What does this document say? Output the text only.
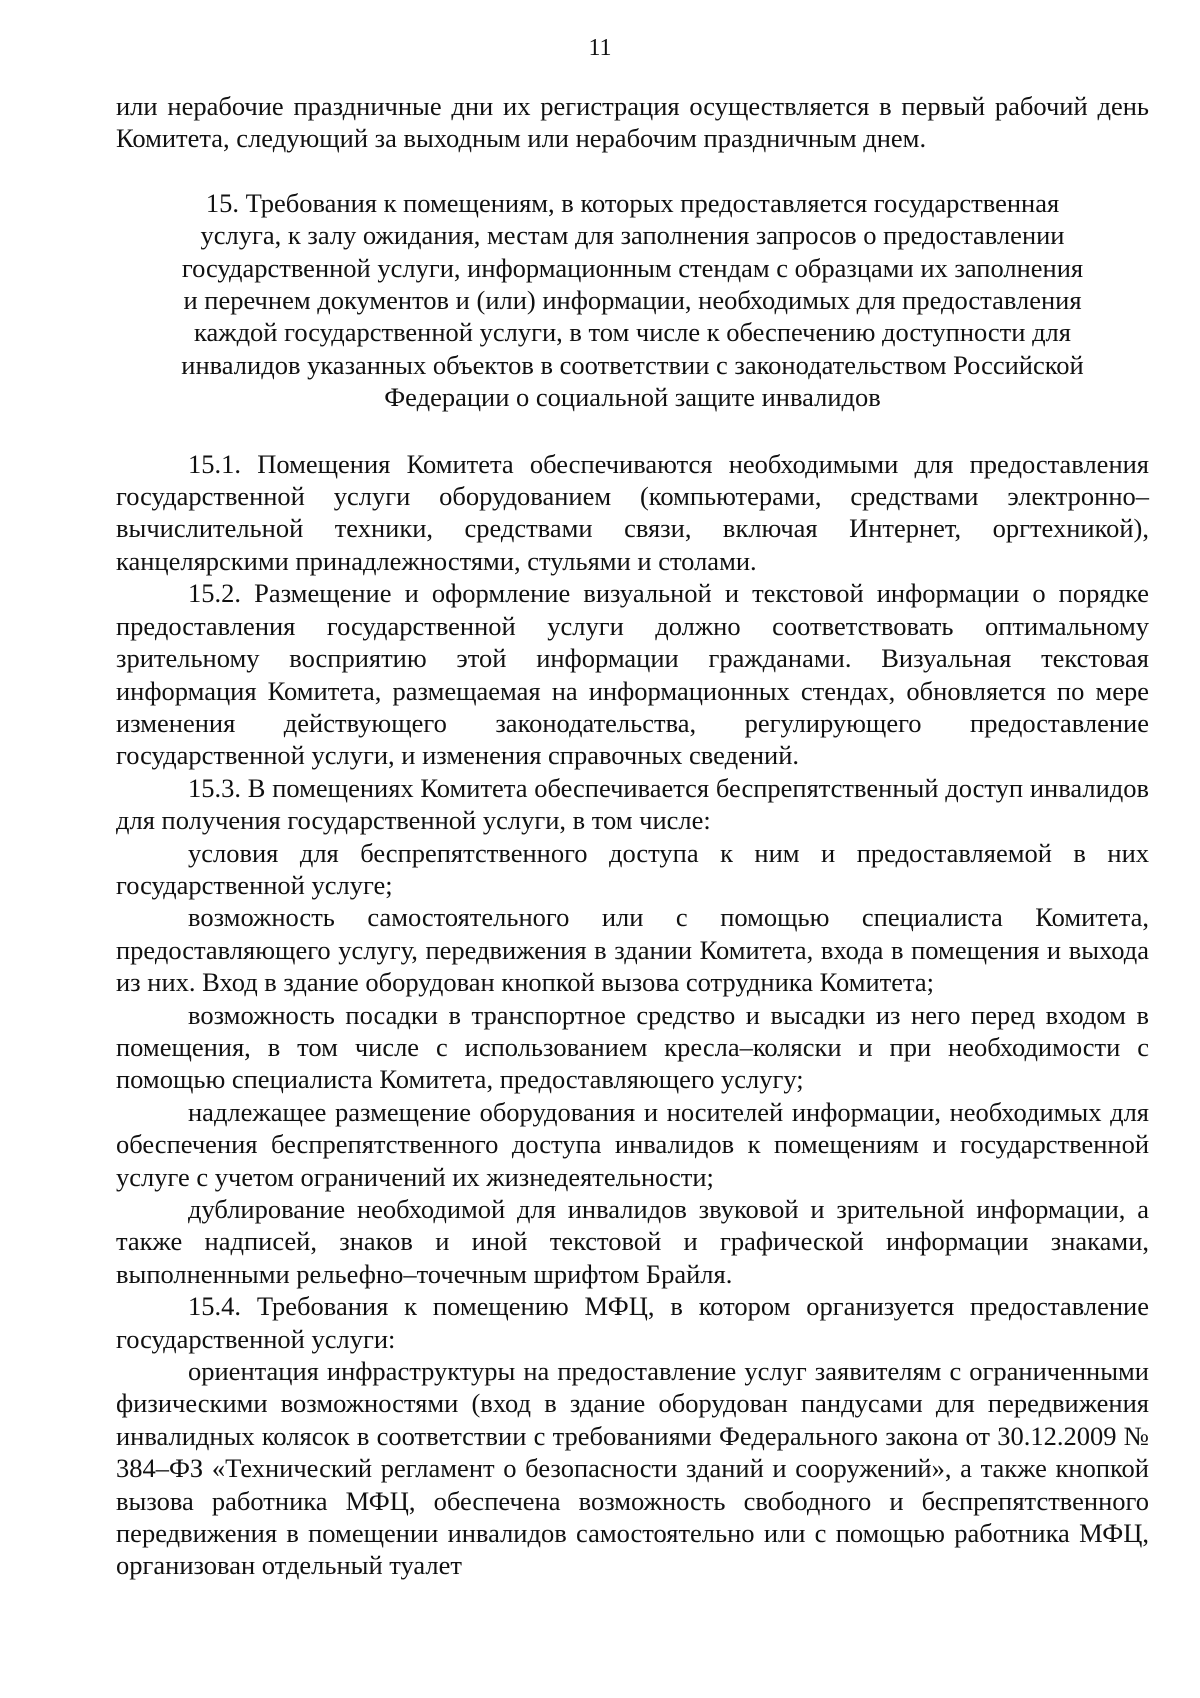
11

или нерабочие праздничные дни их регистрация осуществляется в первый рабочий день Комитета, следующий за выходным или нерабочим праздничным днем.

15. Требования к помещениям, в которых предоставляется государственная
услуга, к залу ожидания, местам для заполнения запросов о предоставлении
государственной услуги, информационным стендам с образцами их заполнения
и перечнем документов и (или) информации, необходимых для предоставления
каждой государственной услуги, в том числе к обеспечению доступности для
инвалидов указанных объектов в соответствии с законодательством Российской
Федерации о социальной защите инвалидов

15.1. Помещения Комитета обеспечиваются необходимыми для предоставления государственной услуги оборудованием (компьютерами, средствами электронно–вычислительной техники, средствами связи, включая Интернет, оргтехникой), канцелярскими принадлежностями, стульями и столами.

15.2. Размещение и оформление визуальной и текстовой информации о порядке предоставления государственной услуги должно соответствовать оптимальному зрительному восприятию этой информации гражданами. Визуальная текстовая информация Комитета, размещаемая на информационных стендах, обновляется по мере изменения действующего законодательства, регулирующего предоставление государственной услуги, и изменения справочных сведений.

15.3. В помещениях Комитета обеспечивается беспрепятственный доступ инвалидов для получения государственной услуги, в том числе:

условия для беспрепятственного доступа к ним и предоставляемой в них государственной услуге;

возможность самостоятельного или с помощью специалиста Комитета, предоставляющего услугу, передвижения в здании Комитета, входа в помещения и выхода из них. Вход в здание оборудован кнопкой вызова сотрудника Комитета;

возможность посадки в транспортное средство и высадки из него перед входом в помещения, в том числе с использованием кресла–коляски и при необходимости с помощью специалиста Комитета, предоставляющего услугу;

надлежащее размещение оборудования и носителей информации, необходимых для обеспечения беспрепятственного доступа инвалидов к помещениям и государственной услуге с учетом ограничений их жизнедеятельности;

дублирование необходимой для инвалидов звуковой и зрительной информации, а также надписей, знаков и иной текстовой и графической информации знаками, выполненными рельефно–точечным шрифтом Брайля.

15.4. Требования к помещению МФЦ, в котором организуется предоставление государственной услуги:

ориентация инфраструктуры на предоставление услуг заявителям с ограниченными физическими возможностями (вход в здание оборудован пандусами для передвижения инвалидных колясок в соответствии с требованиями Федерального закона от 30.12.2009 № 384–ФЗ «Технический регламент о безопасности зданий и сооружений», а также кнопкой вызова работника МФЦ, обеспечена возможность свободного и беспрепятственного передвижения в помещении инвалидов самостоятельно или с помощью работника МФЦ, организован отдельный туалет
